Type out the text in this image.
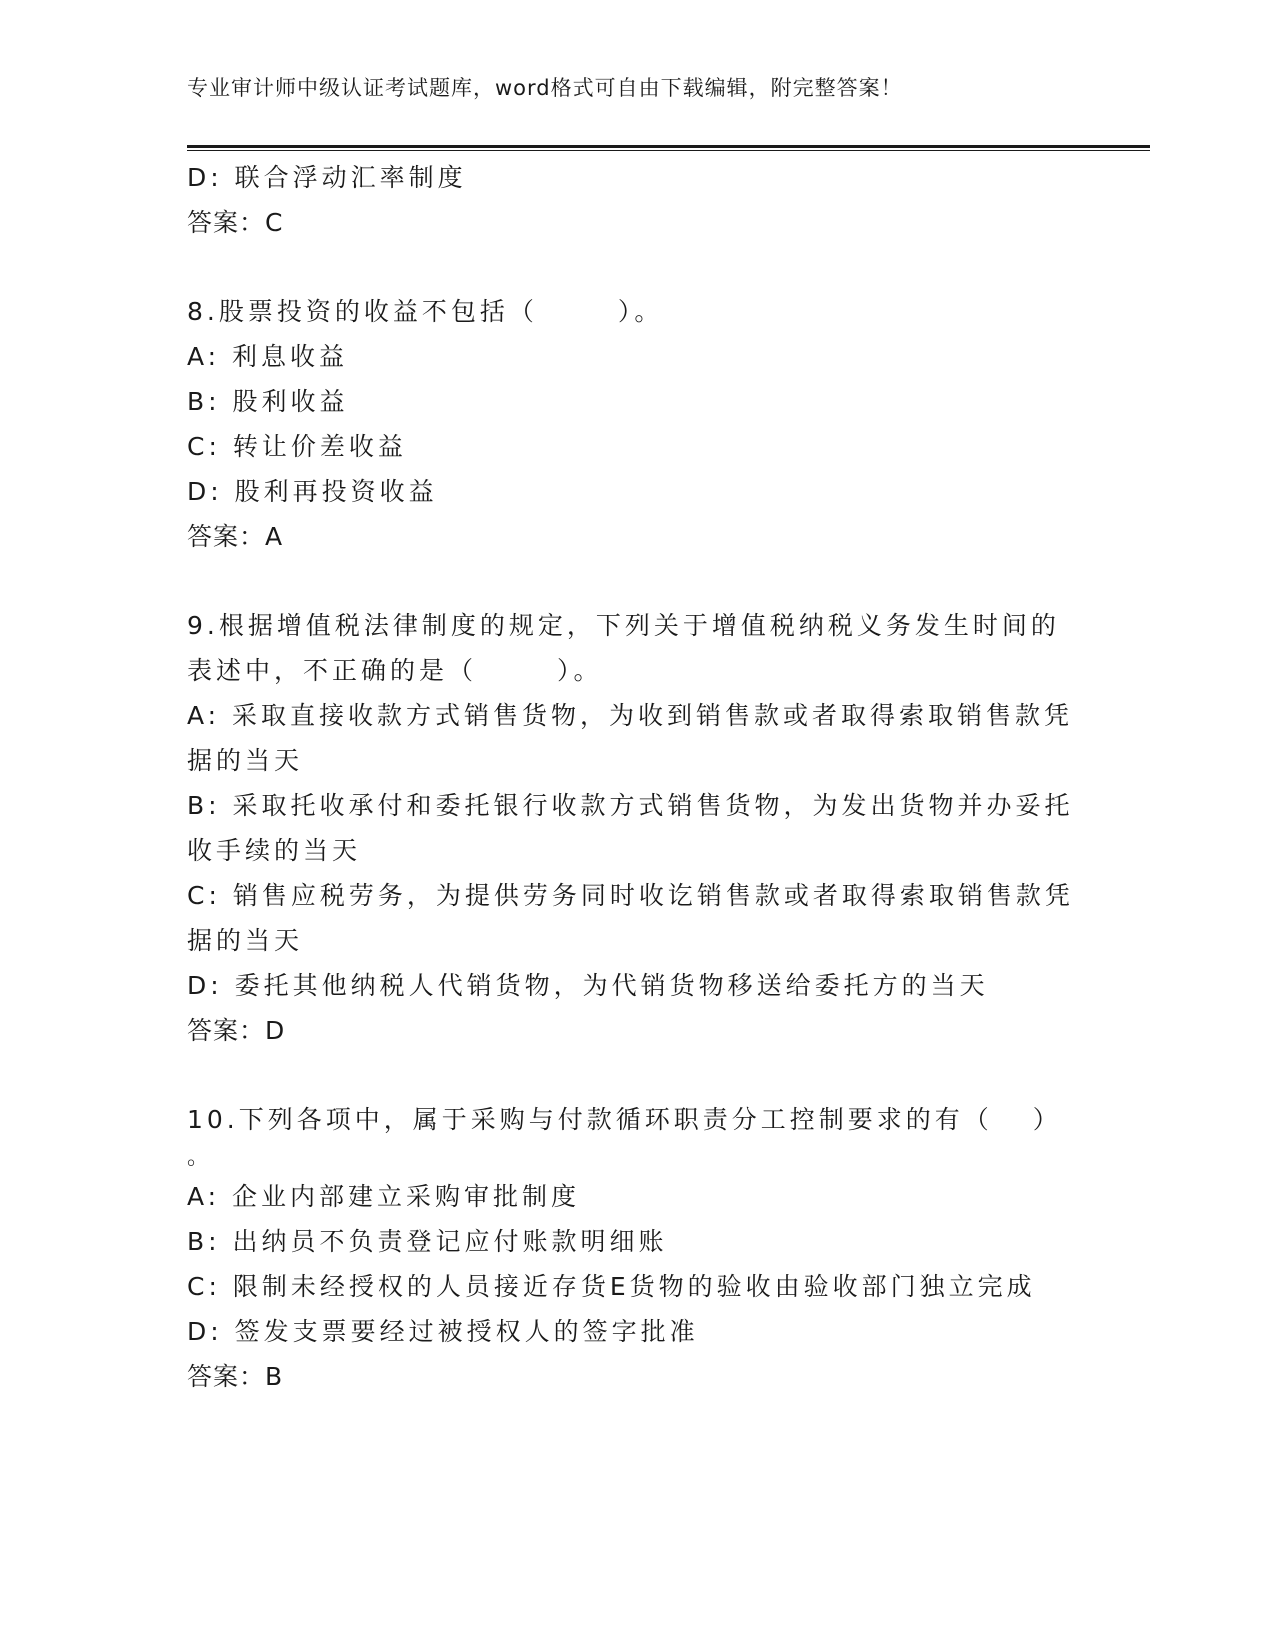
专业审计师中级认证考试题库，word格式可自由下载编辑，附完整答案！
D: 联合浮动汇率制度
答案：C
8.股票投资的收益不包括（	）。
A: 利息收益
B: 股利收益
C: 转让价差收益
D: 股利再投资收益
答案：A
9.根据增值税法律制度的规定，下列关于增值税纳税义务发生时间的
表述中，不正确的是（	）。
A: 采取直接收款方式销售货物，为收到销售款或者取得索取销售款凭
据的当天
B: 采取托收承付和委托银行收款方式销售货物，为发出货物并办妥托
收手续的当天
C: 销售应税劳务，为提供劳务同时收讫销售款或者取得索取销售款凭
据的当天
D: 委托其他纳税人代销货物，为代销货物移送给委托方的当天
答案：D
10.下列各项中，属于采购与付款循环职责分工控制要求的有（ ）
。
A: 企业内部建立采购审批制度
B: 出纳员不负责登记应付账款明细账
C: 限制未经授权的人员接近存货E货物的验收由验收部门独立完成
D: 签发支票要经过被授权人的签字批准
答案：B
